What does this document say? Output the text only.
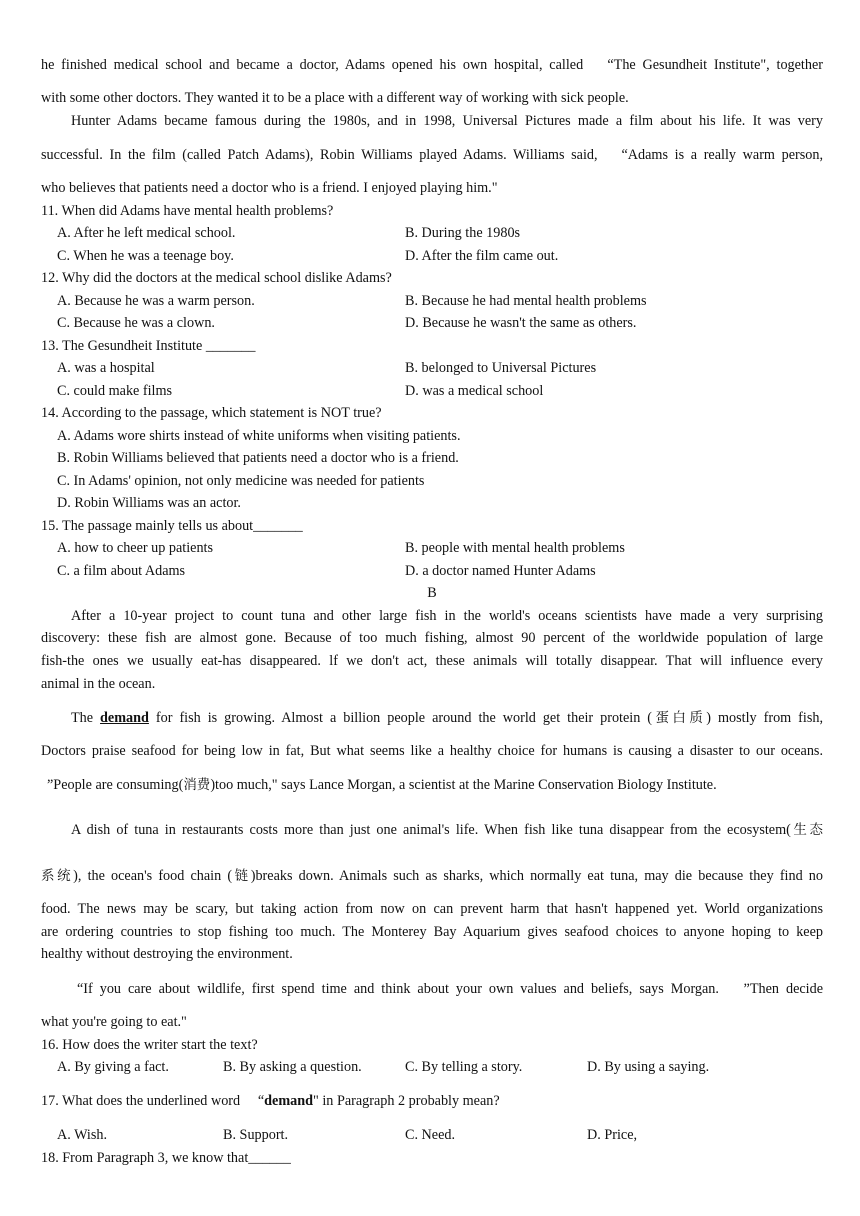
he finished medical school and became a doctor, Adams opened his own hospital, called 　“The Gesundheit Institute", together
with some other doctors. They wanted it to be a place with a different way of working with sick people.
Hunter Adams became famous during the 1980s, and in 1998, Universal Pictures made a film about his life. It was very
successful. In the film (called Patch Adams), Robin Williams played Adams. Williams said, 　“Adams is a really warm person,
who believes that patients need a doctor who is a friend. I enjoyed playing him."
11. When did Adams have mental health problems?
A. After he left medical school.	B. During the 1980s
C. When he was a teenage boy.	D. After the film came out.
12. Why did the doctors at the medical school dislike Adams?
A. Because he was a warm person.	B. Because he had mental health problems
C. Because he was a clown.	D. Because he wasn't the same as others.
13. The Gesundheit Institute _______
A. was a hospital	B. belonged to Universal Pictures
C. could make films	D. was a medical school
14. According to the passage, which statement is NOT true?
A. Adams wore shirts instead of white uniforms when visiting patients.
B. Robin Williams believed that patients need a doctor who is a friend.
C. In Adams' opinion, not only medicine was needed for patients
D. Robin Williams was an actor.
15. The passage mainly tells us about_______
A. how to cheer up patients	B. people with mental health problems
C. a film about Adams	D. a doctor named Hunter Adams
B
After a 10-year project to count tuna and other large fish in the world's oceans scientists have made a very surprising
discovery: these fish are almost gone. Because of too much fishing, almost 90 percent of the worldwide population of large
fish-the ones we usually eat-has disappeared. lf we don't act, these animals will totally disappear. That will influence every
animal in the ocean.
The demand for fish is growing. Almost a billion people around the world get their protein (蛋白质) mostly from fish,
Doctors praise seafood for being low in fat, But what seems like a healthy choice for humans is causing a disaster to our oceans.
”People are consuming(消费)too much," says Lance Morgan, a scientist at the Marine Conservation Biology Institute.
A dish of tuna in restaurants costs more than just one animal's life. When fish like tuna disappear from the ecosystem(生态
系统), the ocean's food chain (链)breaks down. Animals such as sharks, which normally eat tuna, may die because they find no
food. The news may be scary, but taking action from now on can prevent harm that hasn't happened yet. World organizations
are ordering countries to stop fishing too much. The Monterey Bay Aquarium gives seafood choices to anyone hoping to keep
healthy without destroying the environment.
“If you care about wildlife, first spend time and think about your own values and beliefs, says Morgan. 　”Then decide
what you're going to eat."
16. How does the writer start the text?
A. By giving a fact.	B. By asking a question.	C. By telling a story.	D. By using a saying.
17. What does the underlined word 　“demand" in Paragraph 2 probably mean?
A. Wish.	B. Support.	C. Need.	D. Price,
18. From Paragraph 3, we know that______
